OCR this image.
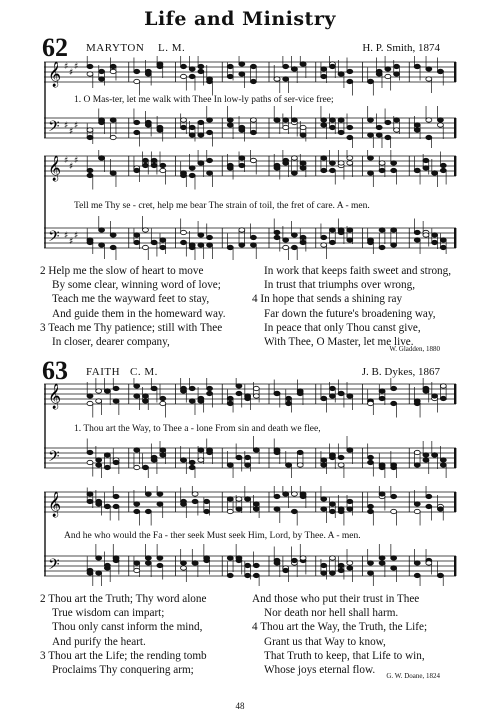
Life and Ministry
62 MARYTON L. M.	H. P. Smith, 1874
𝄞
𝄢
♯
♯
♯
♯
♯
♯
1. O Mas-ter, let me walk with Thee In low-ly paths of ser-vice free;
𝄞
𝄢
♯
♯
♯
♯
♯
♯
Tell me Thy se - cret, help me bear The strain of toil, the fret of care. A - men.
2 Help me the slow of heart to move
By some clear, winning word of love;
Teach me the wayward feet to stay,
And guide them in the homeward way.
3 Teach me Thy patience; still with Thee
In closer, dearer company,
In work that keeps faith sweet and strong,
In trust that triumphs over wrong,
4 In hope that sends a shining ray
Far down the future's broadening way,
In peace that only Thou canst give,
With Thee, O Master, let me live.
W. Gladden, 1880
63 FAITH C. M.	J. B. Dykes, 1867
𝄞
𝄢
1. Thou art the Way, to Thee a - lone From sin and death we flee,
𝄞
𝄢
And he who would the Fa - ther seek Must seek Him, Lord, by Thee. A - men.
2 Thou art the Truth; Thy word alone
True wisdom can impart;
Thou only canst inform the mind,
And purify the heart.
3 Thou art the Life; the rending tomb
Proclaims Thy conquering arm;
And those who put their trust in Thee
Nor death nor hell shall harm.
4 Thou art the Way, the Truth, the Life;
Grant us that Way to know,
That Truth to keep, that Life to win,
Whose joys eternal flow.
G. W. Doane, 1824
48
